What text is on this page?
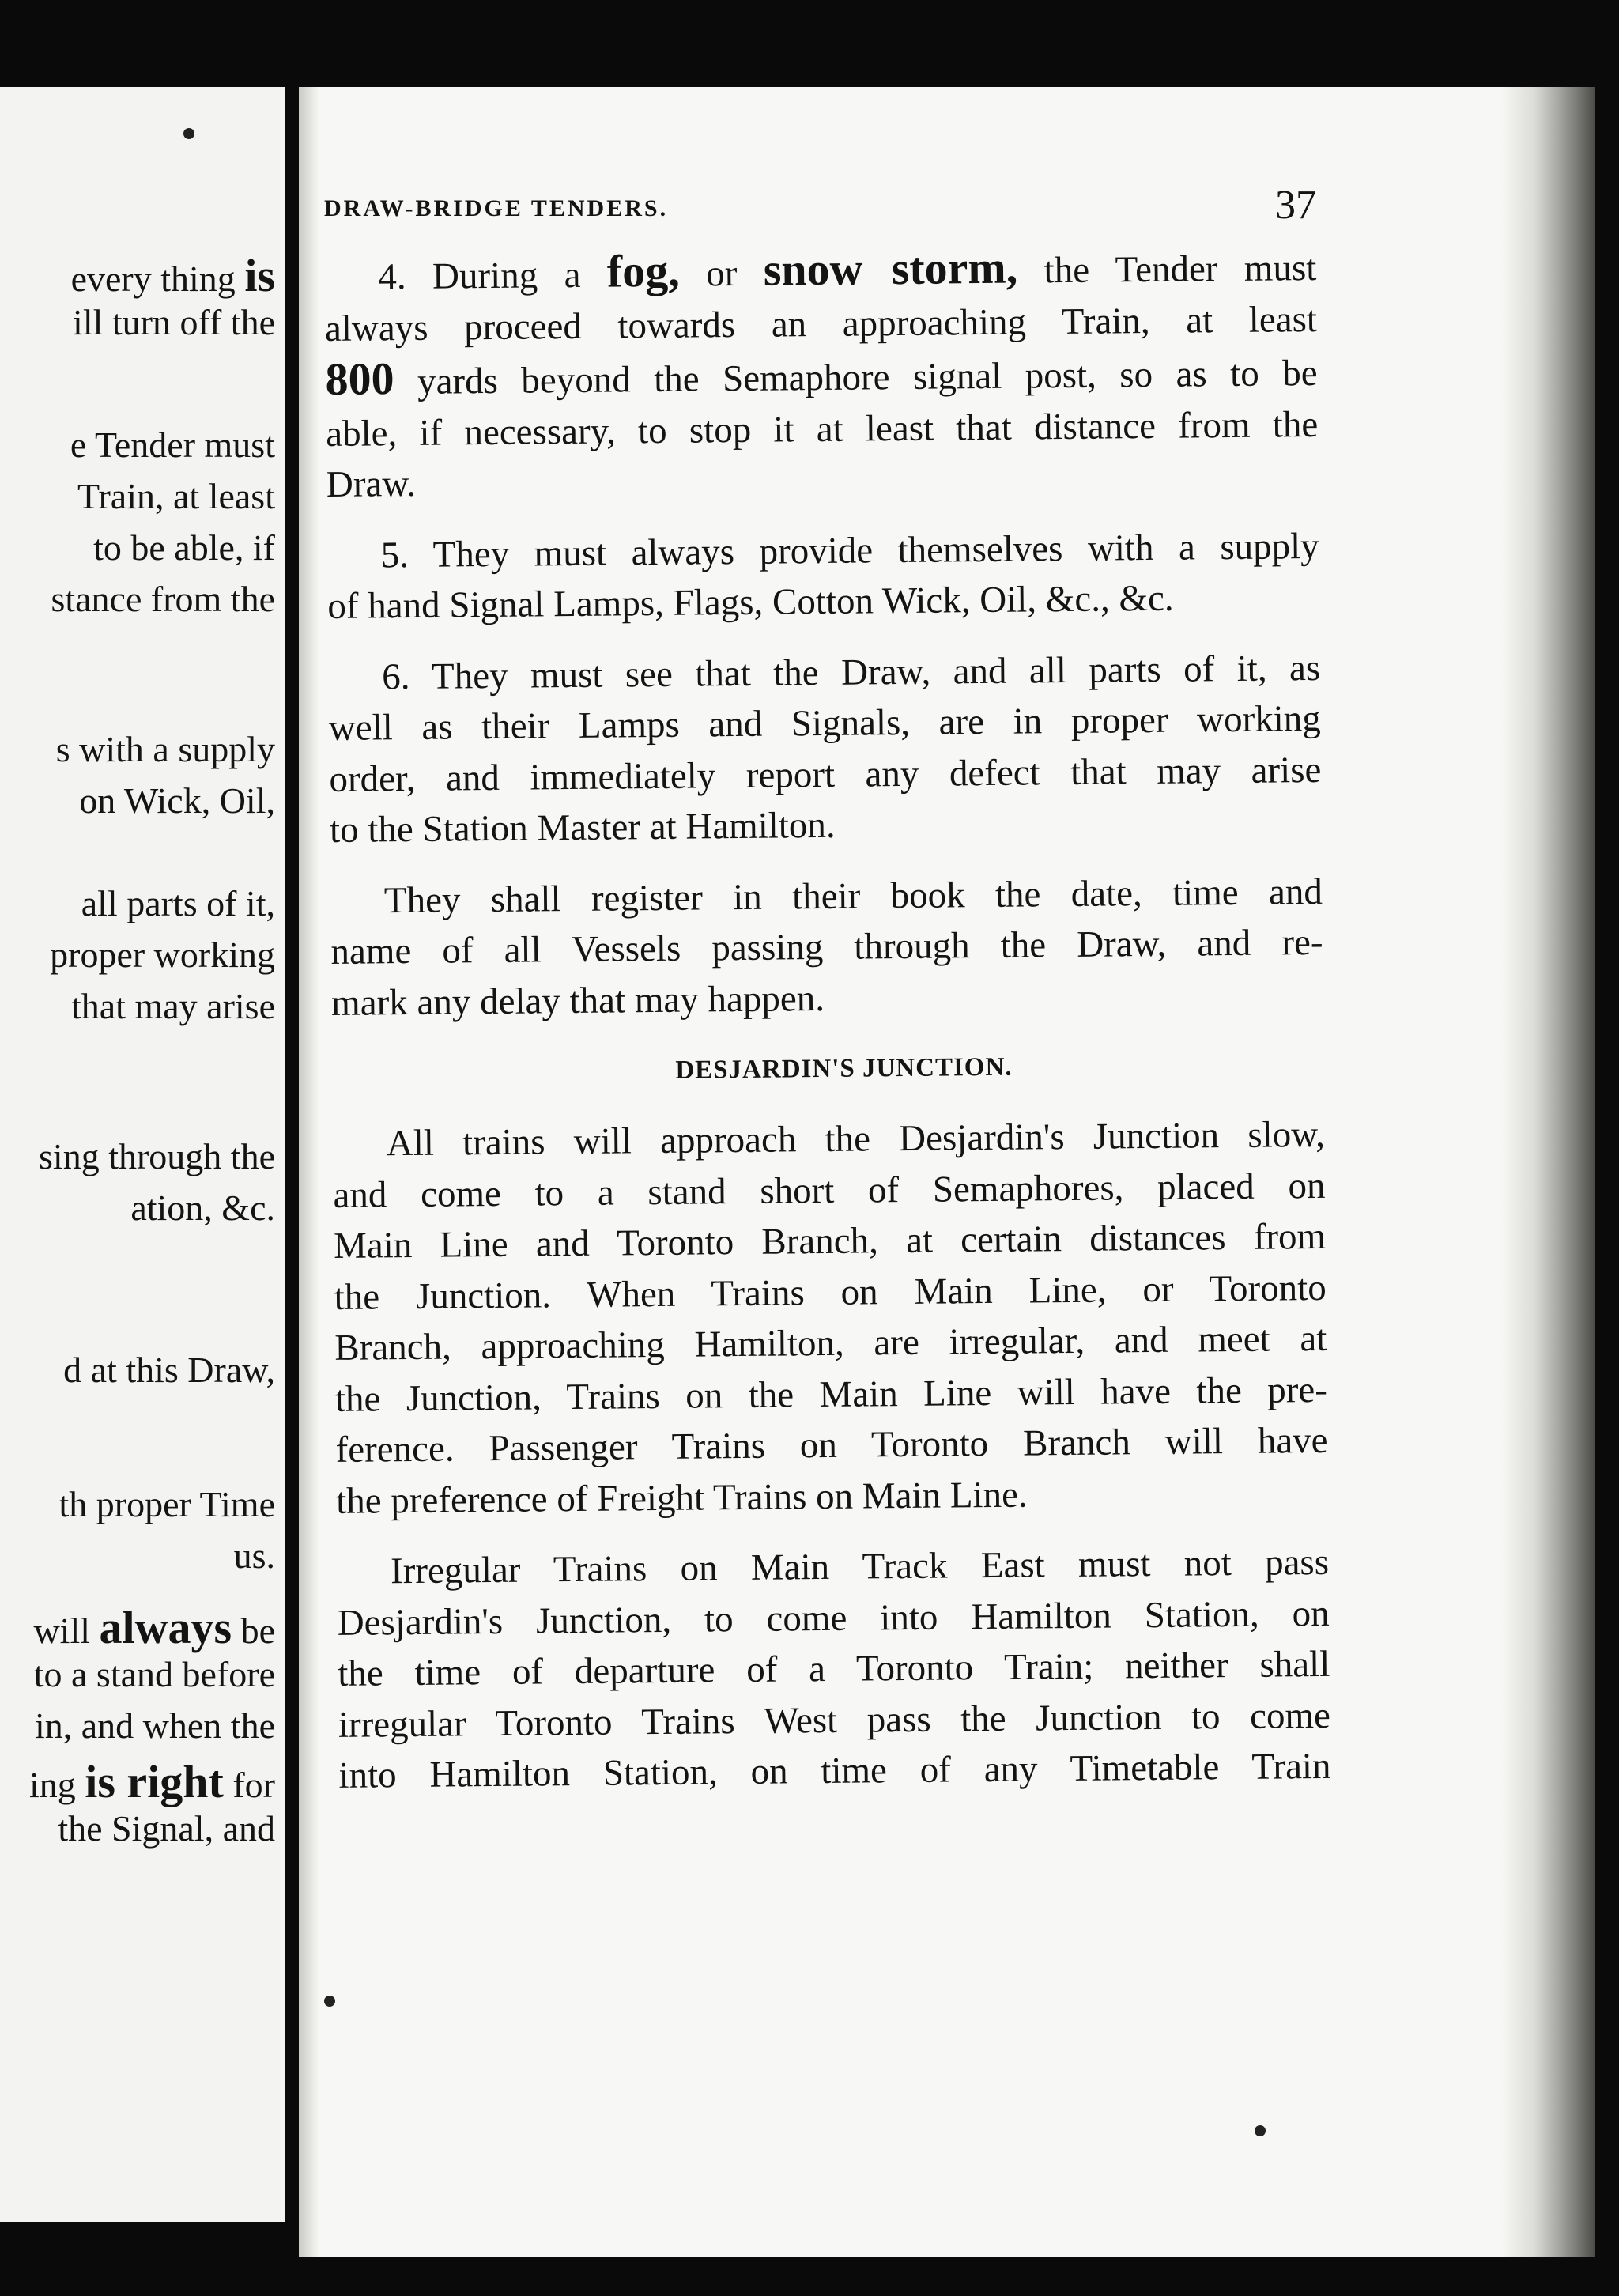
every thing is
ill turn off the
e Tender must
Train, at least
to be able, if
stance from the
s with a supply
on Wick, Oil,
all parts of it,
proper working
that may arise
sing through the
ation, &c.
d at this Draw,
th proper Time
us.
will always be
to a stand before
in, and when the
ing is right for
the Signal, and
DRAW-BRIDGE TENDERS.	37
4. During a fog, or snow storm, the Tender must
always proceed towards an approaching Train, at least
800 yards beyond the Semaphore signal post, so as to be
able, if necessary, to stop it at least that distance from the
Draw.
5. They must always provide themselves with a supply
of hand Signal Lamps, Flags, Cotton Wick, Oil, &c., &c.
6. They must see that the Draw, and all parts of it, as
well as their Lamps and Signals, are in proper working
order, and immediately report any defect that may arise
to the Station Master at Hamilton.
They shall register in their book the date, time and
name of all Vessels passing through the Draw, and re-
mark any delay that may happen.
DESJARDIN'S JUNCTION.
All trains will approach the Desjardin's Junction slow,
and come to a stand short of Semaphores, placed on
Main Line and Toronto Branch, at certain distances from
the Junction. When Trains on Main Line, or Toronto
Branch, approaching Hamilton, are irregular, and meet at
the Junction, Trains on the Main Line will have the pre-
ference. Passenger Trains on Toronto Branch will have
the preference of Freight Trains on Main Line.
Irregular Trains on Main Track East must not pass
Desjardin's Junction, to come into Hamilton Station, on
the time of departure of a Toronto Train; neither shall
irregular Toronto Trains West pass the Junction to come
into Hamilton Station, on time of any Timetable Train
